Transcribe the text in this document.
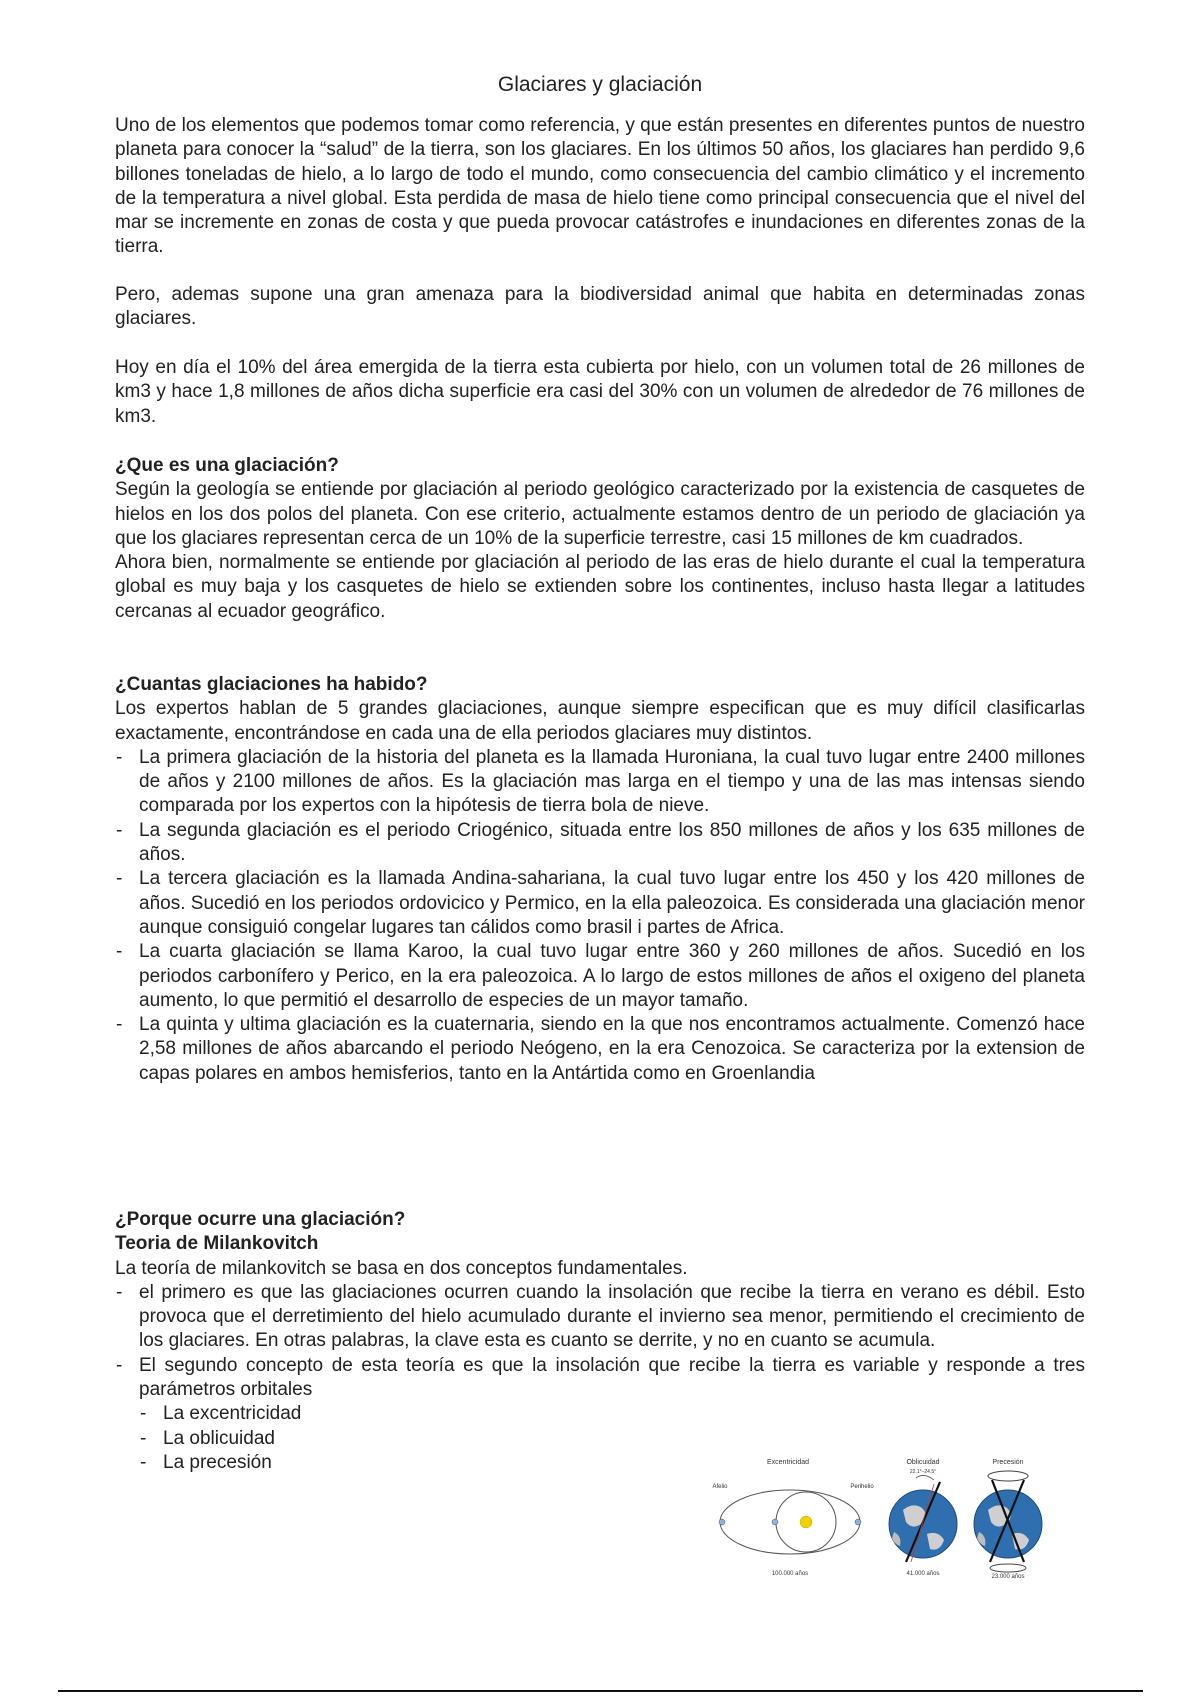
Glaciares y glaciación

Uno de los elementos que podemos tomar como referencia, y que están presentes en diferentes puntos de nuestro planeta para conocer la “salud” de la tierra, son los glaciares. En los últimos 50 años, los glaciares han perdido 9,6 billones toneladas de hielo, a lo largo de todo el mundo, como consecuencia del cambio climático y el incremento de la temperatura a nivel global. Esta perdida de masa de hielo tiene como principal consecuencia que el nivel del mar se incremente en zonas de costa y que pueda provocar catástrofes e inundaciones en diferentes zonas de la tierra.

Pero, ademas supone una gran amenaza para la biodiversidad animal que habita en determinadas zonas glaciares.

Hoy en día el 10% del área emergida de la tierra esta cubierta por hielo, con un volumen total de 26 millones de km3 y hace 1,8 millones de años dicha superficie era casi del 30% con un volumen de alrededor de 76 millones de km3.

¿Que es una glaciación?

Según la geología se entiende por glaciación al periodo geológico caracterizado por la existencia de casquetes de hielos en los dos polos del planeta. Con ese criterio, actualmente estamos dentro de un periodo de glaciación ya que los glaciares representan cerca de un 10% de la superficie terrestre, casi 15 millones de km cuadrados.

Ahora bien, normalmente se entiende por glaciación al periodo de las eras de hielo durante el cual la temperatura global es muy baja y los casquetes de hielo se extienden sobre los continentes, incluso hasta llegar a latitudes cercanas al ecuador geográfico.

¿Cuantas glaciaciones ha habido?

Los expertos hablan de 5 grandes glaciaciones, aunque siempre especifican que es muy difícil clasificarlas exactamente, encontrándose en cada una de ella periodos glaciares muy distintos.

- La primera glaciación de la historia del planeta es la llamada Huroniana, la cual tuvo lugar entre 2400 millones de años y 2100 millones de años. Es la glaciación mas larga en el tiempo y una de las mas intensas siendo comparada por los expertos con la hipótesis de tierra bola de nieve.
- La segunda glaciación es el periodo Criogénico, situada entre los 850 millones de años y los 635 millones de años.
- La tercera glaciación es la llamada Andina-sahariana, la cual tuvo lugar entre los 450 y los 420 millones de años. Sucedió en los periodos ordovicico y Permico, en la ella paleozoica. Es considerada una glaciación menor aunque consiguió congelar lugares tan cálidos como brasil i partes de Africa.
- La cuarta glaciación se llama Karoo, la cual tuvo lugar entre 360 y 260 millones de años. Sucedió en los periodos carbonífero y Perico, en la era paleozoica. A lo largo de estos millones de años el oxigeno del planeta aumento, lo que permitió el desarrollo de especies de un mayor tamaño.
- La quinta y ultima glaciación es la cuaternaria, siendo en la que nos encontramos actualmente. Comenzó hace 2,58 millones de años abarcando el periodo Neógeno, en la era Cenozoica. Se caracteriza por la extension de capas polares en ambos hemisferios, tanto en la Antártida como en Groenlandia

¿Porque ocurre una glaciación?

Teoria de Milankovitch

La teoría de milankovitch se basa en dos conceptos fundamentales.

- el primero es que las glaciaciones ocurren cuando la insolación que recibe la tierra en verano es débil. Esto provoca que el derretimiento del hielo acumulado durante el invierno sea menor, permitiendo el crecimiento de los glaciares. En otras palabras, la clave esta es cuanto se derrite, y no en cuanto se acumula.
- El segundo concepto de esta teoría es que la insolación que recibe la tierra es variable y responde a tres parámetros orbitales
- La excentricidad
- La oblicuidad
- La precesión	Excentricidad
Afelio	Perihelio
100.000 años
Oblicuidad
22.1°–24.5°
41.000 años
Precesión
23.000 años
